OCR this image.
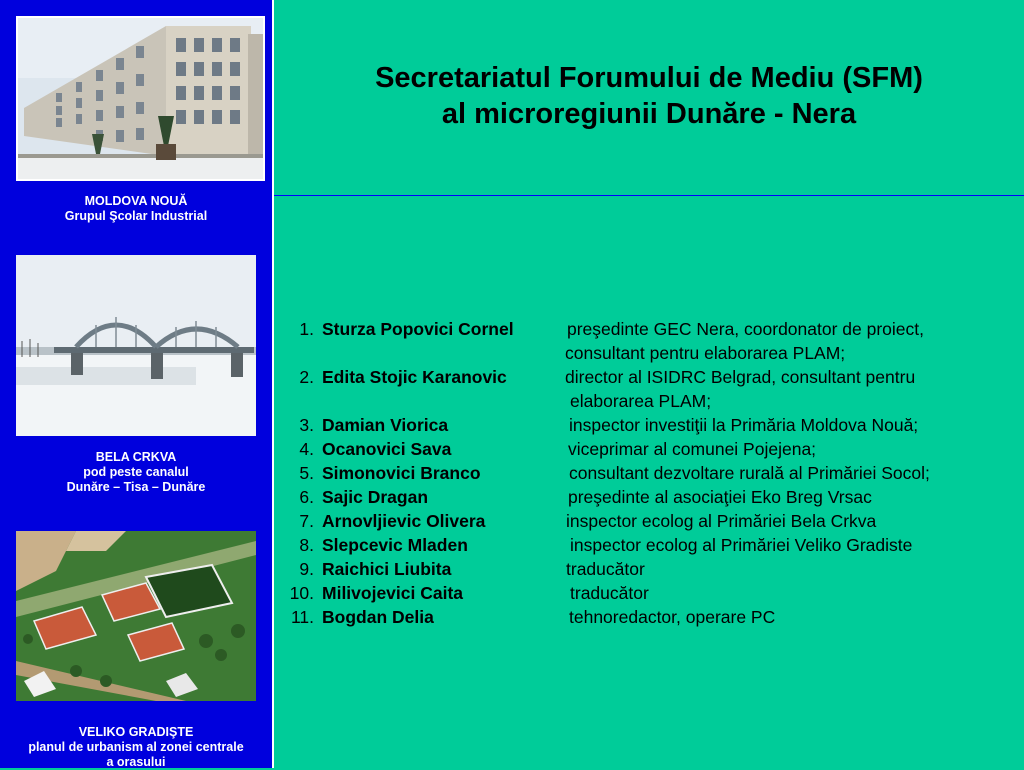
MOLDOVA NOUĂ
Grupul Şcolar Industrial
BELA CRKVA
pod peste canalul
Dunăre – Tisa – Dunăre
VELIKO GRADIŞTE
planul de urbanism al zonei centrale
a orasului
Secretariatul Forumului de Mediu (SFM)
al microregiunii Dunăre - Nera
1. Sturza Popovici Cornel	preşedinte GEC Nera, coordonator de proiect,
consultant pentru elaborarea PLAM;
2. Edita Stojic Karanovic	director al ISIDRC Belgrad, consultant pentru
elaborarea PLAM;
3. Damian Viorica	inspector investiţii la Primăria Moldova Nouă;
4. Ocanovici Sava	viceprimar al comunei Pojejena;
5. Simonovici Branco	consultant dezvoltare rurală al Primăriei Socol;
6. Sajic Dragan	preşedinte al asociaţiei Eko Breg Vrsac
7. Arnovljievic Olivera	inspector ecolog al Primăriei Bela Crkva
8. Slepcevic Mladen	inspector ecolog al Primăriei Veliko Gradiste
9. Raichici Liubita	traducător
10. Milivojevici Caita	traducător
11. Bogdan Delia	tehnoredactor, operare PC
